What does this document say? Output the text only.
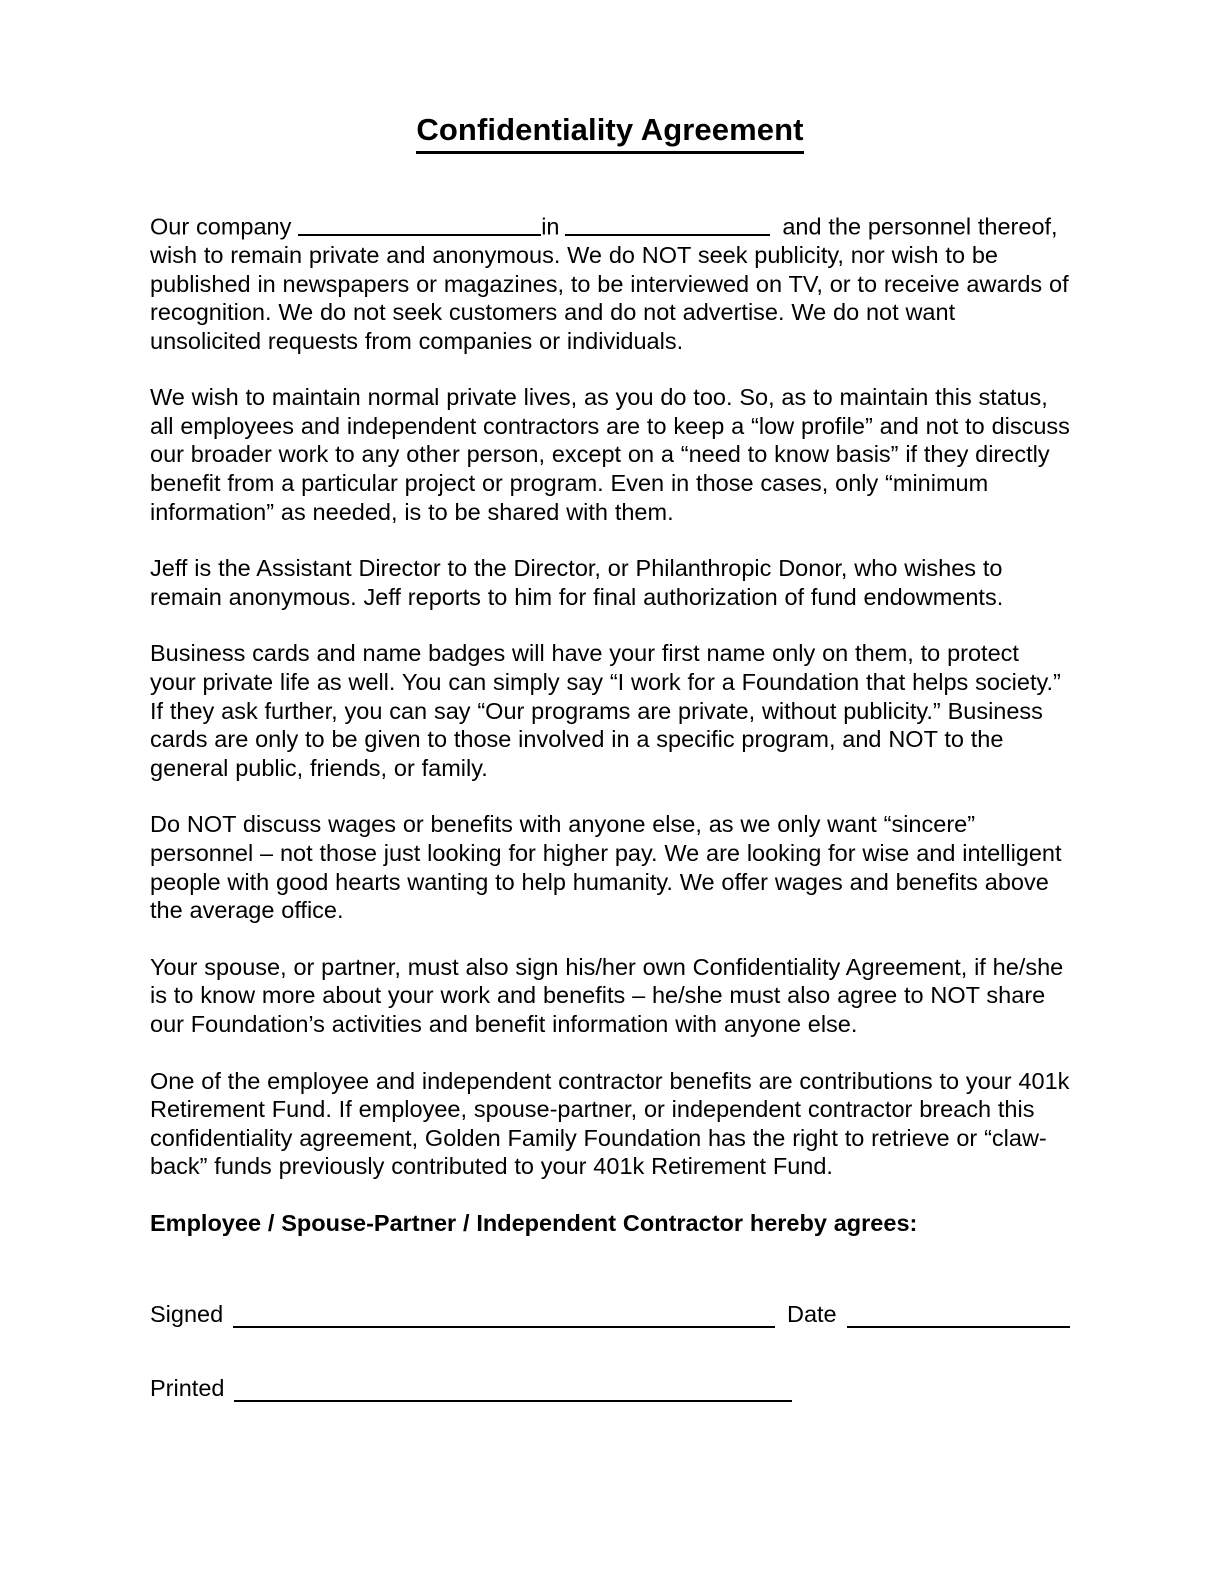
Confidentiality Agreement

Our company	in	and the personnel thereof, wish to remain private and anonymous. We do NOT seek publicity, nor wish to be published in newspapers or magazines, to be interviewed on TV, or to receive awards of recognition. We do not seek customers and do not advertise. We do not want unsolicited requests from companies or individuals.

We wish to maintain normal private lives, as you do too. So, as to maintain this status, all employees and independent contractors are to keep a “low profile” and not to discuss our broader work to any other person, except on a “need to know basis” if they directly benefit from a particular project or program. Even in those cases, only “minimum information” as needed, is to be shared with them.

Jeff is the Assistant Director to the Director, or Philanthropic Donor, who wishes to remain anonymous. Jeff reports to him for final authorization of fund endowments.

Business cards and name badges will have your first name only on them, to protect your private life as well. You can simply say “I work for a Foundation that helps society.” If they ask further, you can say “Our programs are private, without publicity.” Business cards are only to be given to those involved in a specific program, and NOT to the general public, friends, or family.

Do NOT discuss wages or benefits with anyone else, as we only want “sincere” personnel – not those just looking for higher pay. We are looking for wise and intelligent people with good hearts wanting to help humanity. We offer wages and benefits above the average office.

Your spouse, or partner, must also sign his/her own Confidentiality Agreement, if he/she is to know more about your work and benefits – he/she must also agree to NOT share our Foundation’s activities and benefit information with anyone else.

One of the employee and independent contractor benefits are contributions to your 401k Retirement Fund. If employee, spouse-partner, or independent contractor breach this confidentiality agreement, Golden Family Foundation has the right to retrieve or “claw-back” funds previously contributed to your 401k Retirement Fund.

Employee / Spouse-Partner / Independent Contractor hereby agrees:

Signed	Date
Printed
